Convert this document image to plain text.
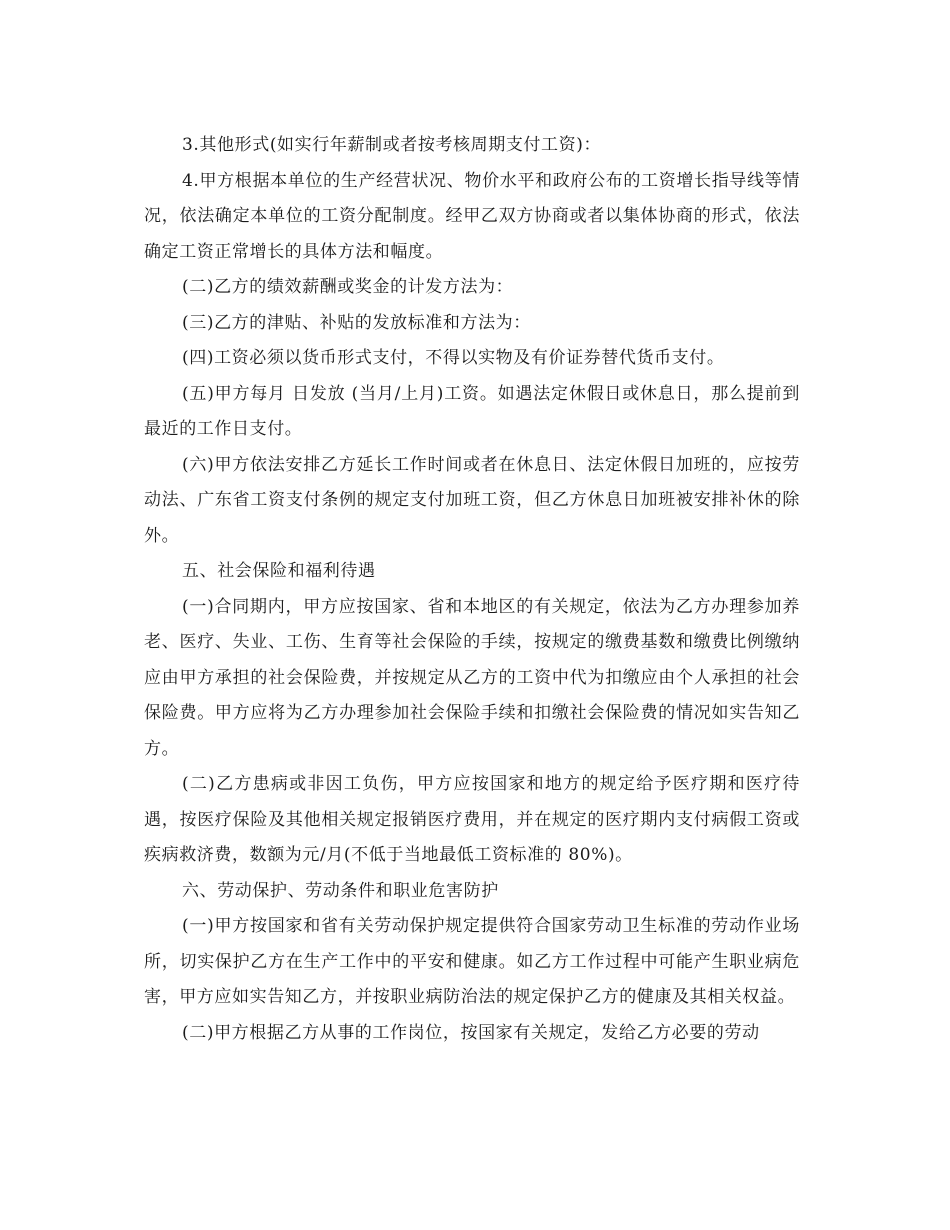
3.其他形式(如实行年薪制或者按考核周期支付工资)：

4.甲方根据本单位的生产经营状况、物价水平和政府公布的工资增长指导线等情况，依法确定本单位的工资分配制度。经甲乙双方协商或者以集体协商的形式，依法确定工资正常增长的具体方法和幅度。

(二)乙方的绩效薪酬或奖金的计发方法为：

(三)乙方的津贴、补贴的发放标准和方法为：

(四)工资必须以货币形式支付，不得以实物及有价证券替代货币支付。

(五)甲方每月 日发放 (当月/上月)工资。如遇法定休假日或休息日，那么提前到最近的工作日支付。

(六)甲方依法安排乙方延长工作时间或者在休息日、法定休假日加班的，应按劳动法、广东省工资支付条例的规定支付加班工资，但乙方休息日加班被安排补休的除外。

五、社会保险和福利待遇

(一)合同期内，甲方应按国家、省和本地区的有关规定，依法为乙方办理参加养老、医疗、失业、工伤、生育等社会保险的手续，按规定的缴费基数和缴费比例缴纳应由甲方承担的社会保险费，并按规定从乙方的工资中代为扣缴应由个人承担的社会保险费。甲方应将为乙方办理参加社会保险手续和扣缴社会保险费的情况如实告知乙方。

(二)乙方患病或非因工负伤，甲方应按国家和地方的规定给予医疗期和医疗待遇，按医疗保险及其他相关规定报销医疗费用，并在规定的医疗期内支付病假工资或疾病救济费，数额为元/月(不低于当地最低工资标准的 80%)。

六、劳动保护、劳动条件和职业危害防护

(一)甲方按国家和省有关劳动保护规定提供符合国家劳动卫生标准的劳动作业场所，切实保护乙方在生产工作中的平安和健康。如乙方工作过程中可能产生职业病危害，甲方应如实告知乙方，并按职业病防治法的规定保护乙方的健康及其相关权益。

(二)甲方根据乙方从事的工作岗位，按国家有关规定，发给乙方必要的劳动
